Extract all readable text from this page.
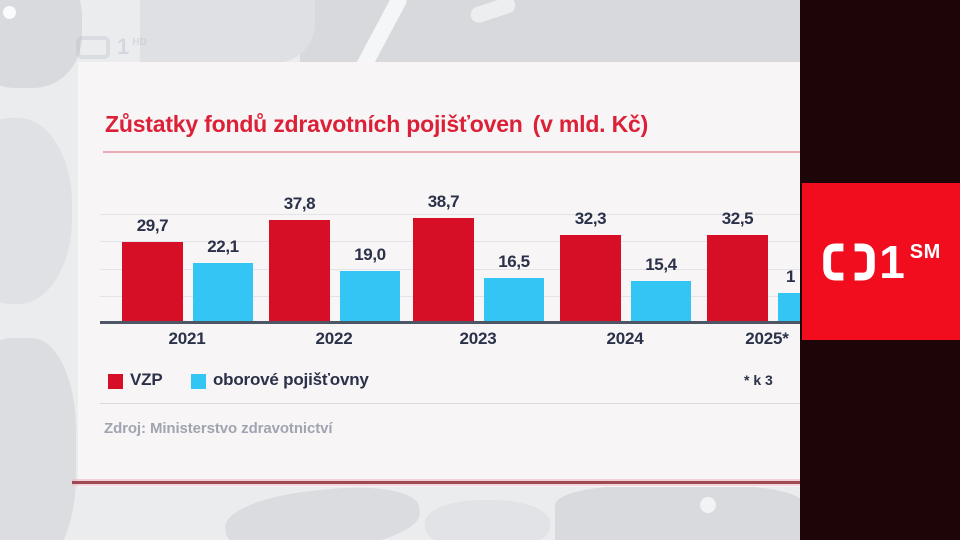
1 HD
Zůstatky fondů zdravotních pojišťoven (v mld. Kč)
29,7
37,8	38,7
32,3	32,5
22,1	19,0	16,5	15,4
1
2021	2022	2023	2024	2025*
VZP	oborové pojišťovny	* k 3
Zdroj: Ministerstvo zdravotnictví
1 SM
